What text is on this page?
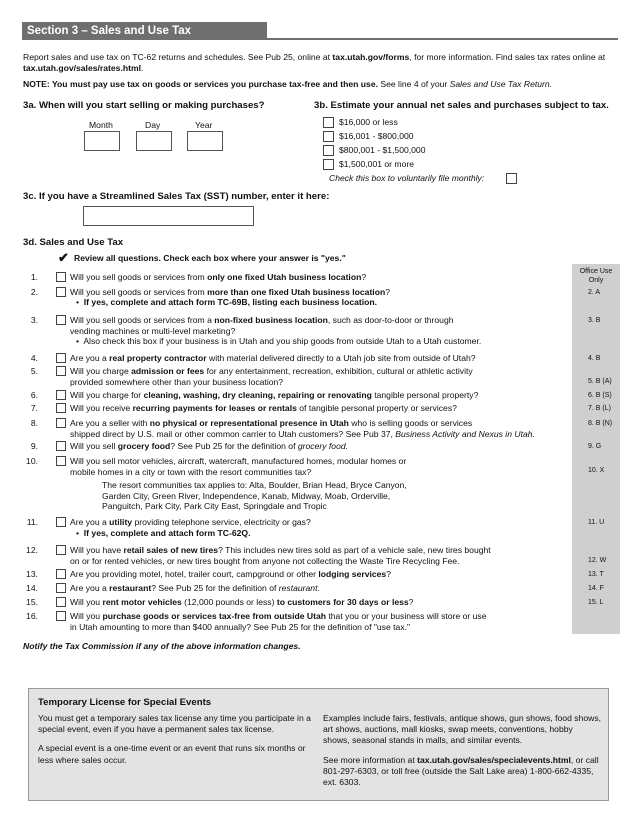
Section 3 – Sales and Use Tax
Report sales and use tax on TC-62 returns and schedules. See Pub 25, online at tax.utah.gov/forms, for more information. Find sales tax rates online at tax.utah.gov/sales/rates.html.
NOTE: You must pay use tax on goods or services you purchase tax-free and then use. See line 4 of your Sales and Use Tax Return.
3a. When will you start selling or making purchases?
Month	Day	Year
3b. Estimate your annual net sales and purchases subject to tax.
$16,000 or less
$16,001 - $800,000
$800,001 - $1,500,000
$1,500,001 or more
Check this box to voluntarily file monthly:
3c. If you have a Streamlined Sales Tax (SST) number, enter it here:
3d. Sales and Use Tax
✔ Review all questions. Check each box where your answer is "yes."
Office Use Only
1.	Will you sell goods or services from only one fixed Utah business location?
2.	Will you sell goods or services from more than one fixed Utah business location?
•  If yes, complete and attach form TC-69B, listing each business location.
2. A
3.	Will you sell goods or services from a non-fixed business location, such as door-to-door or through
vending machines or multi-level marketing?
•  Also check this box if your business is in Utah and you ship goods from outside Utah to a Utah customer.
3. B
4.	Are you a real property contractor with material delivered directly to a Utah job site from outside of Utah?	4. B
5.	Will you charge admission or fees for any entertainment, recreation, exhibition, cultural or athletic activity
provided somewhere other than your business location?	5. B (A)
6.	Will you charge for cleaning, washing, dry cleaning, repairing or renovating tangible personal property?	6. B (S)
7.	Will you receive recurring payments for leases or rentals of tangible personal property or services?	7. B (L)
8.	Are you a seller with no physical or representational presence in Utah who is selling goods or services
shipped direct by U.S. mail or other common carrier to Utah customers? See Pub 37, Business Activity and Nexus in Utah.
8. B (N)
9.	Will you sell grocery food? See Pub 25 for the definition of grocery food.	9. G
10.	Will you sell motor vehicles, aircraft, watercraft, manufactured homes, modular homes or
mobile homes in a city or town with the resort communities tax?
The resort communities tax applies to: Alta, Boulder, Brian Head, Bryce Canyon,
Garden City, Green River, Independence, Kanab, Midway, Moab, Orderville,
Panguitch, Park City, Park City East, Springdale and Tropic
10. X
11.	Are you a utility providing telephone service, electricity or gas?
•  If yes, complete and attach form TC-62Q.
11. U
12.	Will you have retail sales of new tires? This includes new tires sold as part of a vehicle sale, new tires bought
on or for rented vehicles, or new tires bought from anyone not collecting the Waste Tire Recycling Fee.	12. W
13.	Are you providing motel, hotel, trailer court, campground or other lodging services?	13. T
14.	Are you a restaurant? See Pub 25 for the definition of restaurant.	14. F
15.	Will you rent motor vehicles (12,000 pounds or less) to customers for 30 days or less?	15. L
16.	Will you purchase goods or services tax-free from outside Utah that you or your business will store or use
in Utah amounting to more than $400 annually? See Pub 25 for the definition of "use tax."
Notify the Tax Commission if any of the above information changes.
Temporary License for Special Events
You must get a temporary sales tax license any time you participate in a special event, even if you have a permanent sales tax license.
A special event is a one-time event or an event that runs six months or less where sales occur.
Examples include fairs, festivals, antique shows, gun shows, food shows, art shows, auctions, mall kiosks, swap meets, conventions, hobby shows, seasonal stands in malls, and similar events.
See more information at tax.utah.gov/sales/specialevents.html, or call 801-297-6303, or toll free (outside the Salt Lake area) 1-800-662-4335, ext. 6303.
